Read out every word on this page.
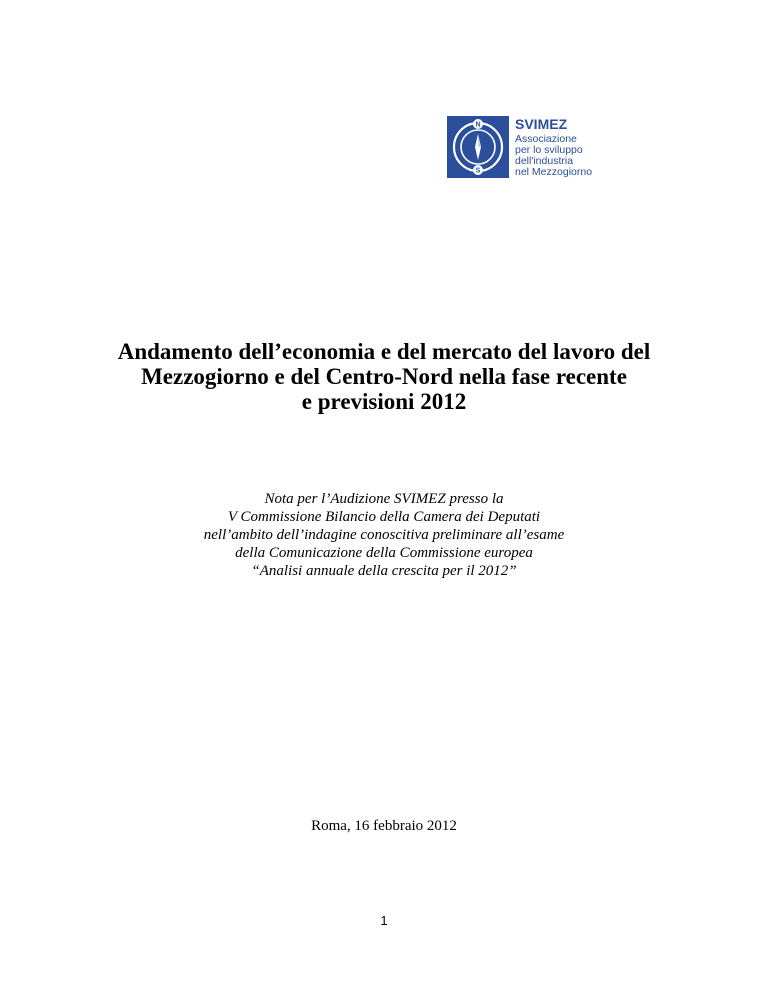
N
S
SVIMEZ
Associazione
per lo sviluppo
dell'industria
nel Mezzogiorno
Andamento dell’economia e del mercato del lavoro del
Mezzogiorno e del Centro-Nord nella fase recente
e previsioni 2012
Nota per l’Audizione SVIMEZ presso la
V Commissione Bilancio della Camera dei Deputati
nell’ambito dell’indagine conoscitiva preliminare all’esame
della Comunicazione della Commissione europea
“Analisi annuale della crescita per il 2012”
Roma, 16 febbraio 2012
1
